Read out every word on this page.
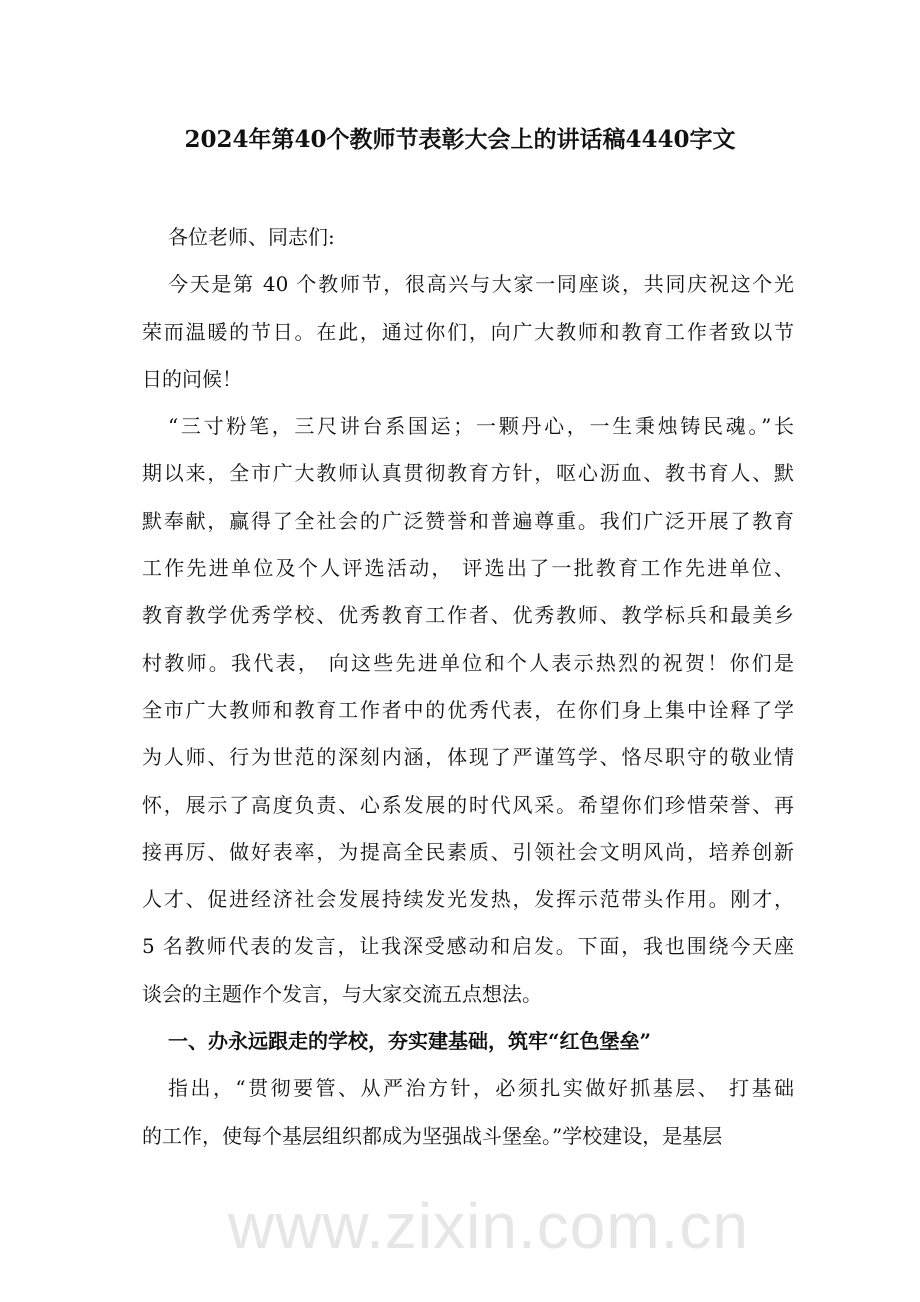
2024年第40个教师节表彰大会上的讲话稿4440字文
各位老师、同志们:
今天是第 40 个教师节，很高兴与大家一同座谈，共同庆祝这个光
荣而温暖的节日。在此，通过你们，向广大教师和教育工作者致以节
日的问候！
“三寸粉笔，三尺讲台系国运；一颗丹心，一生秉烛铸民魂。”长
期以来，全市广大教师认真贯彻教育方针，呕心沥血、教书育人、默
默奉献，赢得了全社会的广泛赞誉和普遍尊重。我们广泛开展了教育
工作先进单位及个人评选活动， 评选出了一批教育工作先进单位、
教育教学优秀学校、优秀教育工作者、优秀教师、教学标兵和最美乡
村教师。我代表， 向这些先进单位和个人表示热烈的祝贺！你们是
全市广大教师和教育工作者中的优秀代表，在你们身上集中诠释了学
为人师、行为世范的深刻内涵，体现了严谨笃学、恪尽职守的敬业情
怀，展示了高度负责、心系发展的时代风采。希望你们珍惜荣誉、再
接再厉、做好表率，为提高全民素质、引领社会文明风尚，培养创新
人才、促进经济社会发展持续发光发热，发挥示范带头作用。刚才，
5 名教师代表的发言，让我深受感动和启发。下面，我也围绕今天座
谈会的主题作个发言，与大家交流五点想法。
一、办永远跟走的学校，夯实建基础，筑牢“红色堡垒”
指出，“贯彻要管、从严治方针，必须扎实做好抓基层、 打基础
的工作，使每个基层组织都成为坚强战斗堡垒。”学校建设，是基层
www.zixin.com.cn
